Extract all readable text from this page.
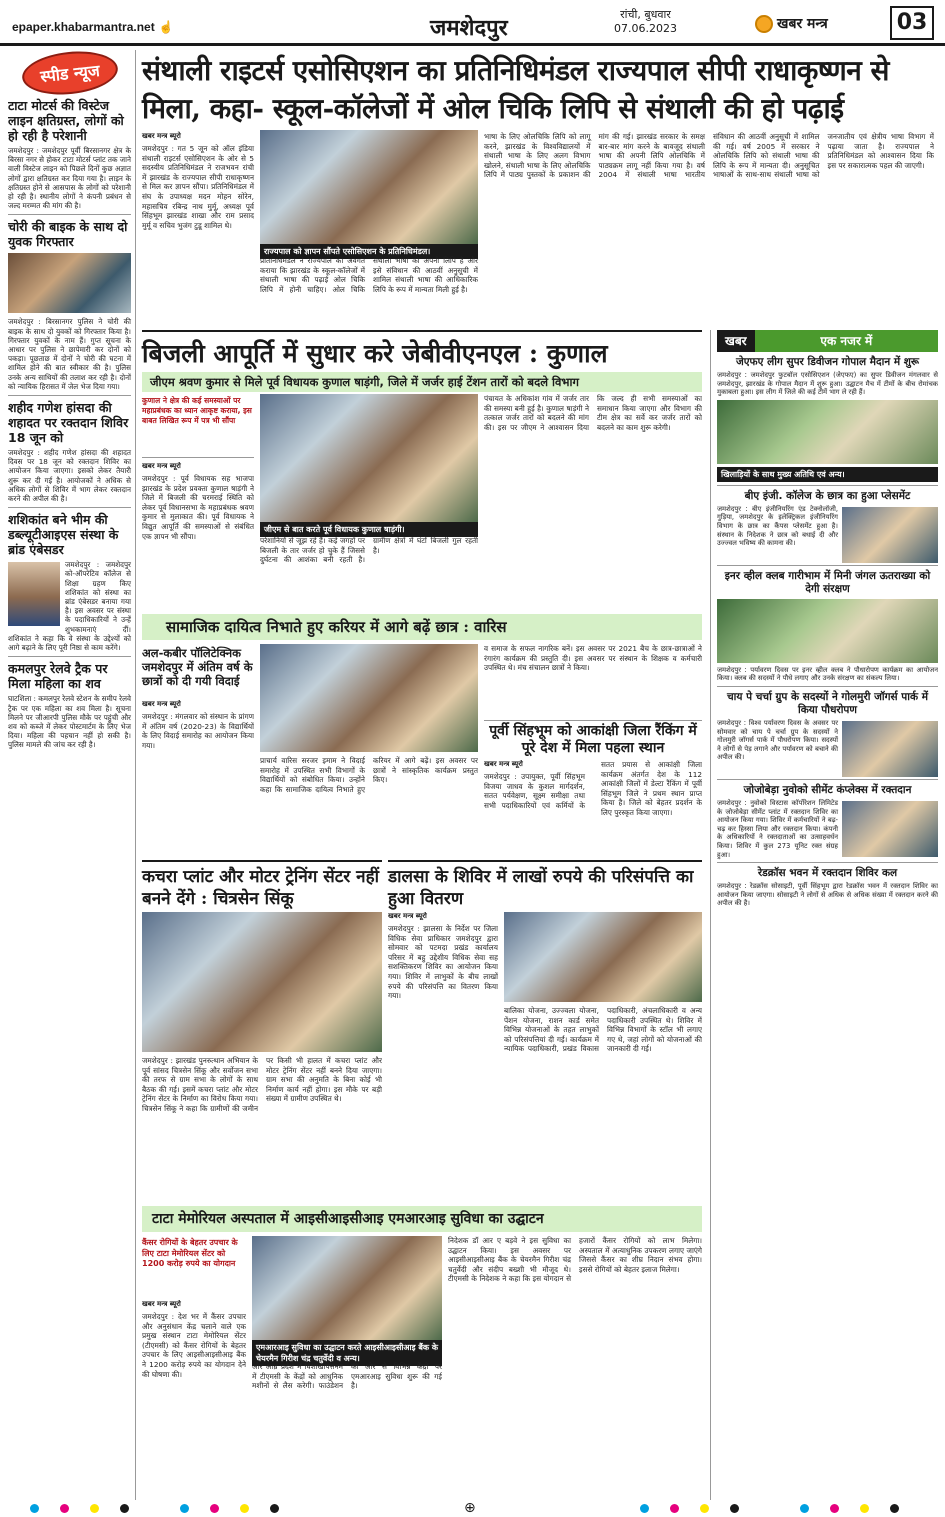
epaper.khabarmantra.net ☝	जमशेदपुर
रांची, बुधवार
07.06.2023	खबर मन्त्र	03
स्पीड न्यूज
टाटा मोटर्स की विस्टेज लाइन क्षतिग्रस्त, लोगों को हो रही है परेशानी
जमशेदपुर : जमशेदपुर पूर्वी बिरसानगर क्षेत्र के बिरसा नगर से होकर टाटा मोटर्स प्लांट तक जाने वाली विस्टेज लाइन को पिछले दिनों कुछ अज्ञात लोगों द्वारा क्षतिग्रस्त कर दिया गया है। लाइन के क्षतिग्रस्त होने से आसपास के लोगों को परेशानी हो रही है। स्थानीय लोगों ने कंपनी प्रबंधन से जल्द मरम्मत की मांग की है।
चोरी की बाइक के साथ दो युवक गिरफ्तार
जमशेदपुर : बिरसानगर पुलिस ने चोरी की बाइक के साथ दो युवकों को गिरफ्तार किया है। गिरफ्तार युवकों के नाम हैं। गुप्त सूचना के आधार पर पुलिस ने छापेमारी कर दोनों को पकड़ा। पूछताछ में दोनों ने चोरी की घटना में शामिल होने की बात स्वीकार की है। पुलिस उनके अन्य साथियों की तलाश कर रही है। दोनों को न्यायिक हिरासत में जेल भेज दिया गया।
शहीद गणेश हांसदा की शहादत पर रक्तदान शिविर 18 जून को
जमशेदपुर : शहीद गणेश हांसदा की शहादत दिवस पर 18 जून को रक्तदान शिविर का आयोजन किया जाएगा। इसको लेकर तैयारी शुरू कर दी गई है। आयोजकों ने अधिक से अधिक लोगों से शिविर में भाग लेकर रक्तदान करने की अपील की है।
शशिकांत बने भीम की डब्ल्यूटीआइएस संस्था के ब्रांड एंबेसडर
जमशेदपुर : जमशेदपुर को-ऑपरेटिव कॉलेज से शिक्षा ग्रहण किए शशिकांत को संस्था का ब्रांड एंबेसडर बनाया गया है। इस अवसर पर संस्था के पदाधिकारियों ने उन्हें शुभकामनाएं दीं। शशिकांत ने कहा कि वे संस्था के उद्देश्यों को आगे बढ़ाने के लिए पूरी निष्ठा से काम करेंगे।
कमलपुर रेलवे ट्रैक पर मिला महिला का शव
घाटशिला : कमलपुर रेलवे स्टेशन के समीप रेलवे ट्रैक पर एक महिला का शव मिला है। सूचना मिलने पर जीआरपी पुलिस मौके पर पहुंची और शव को कब्जे में लेकर पोस्टमार्टम के लिए भेज दिया। महिला की पहचान नहीं हो सकी है। पुलिस मामले की जांच कर रही है।
संथाली राइटर्स एसोसिएशन का प्रतिनिधिमंडल राज्यपाल सीपी राधाकृष्णन से मिला, कहा- स्कूल-कॉलेजों में ओल चिकि लिपि से संथाली की हो पढ़ाई
खबर मन्त्र ब्यूरो
जमशेदपुर : गत 5 जून को ऑल इंडिया संथाली राइटर्स एसोसिएशन के ओर से 5 सदस्यीय प्रतिनिधिमंडल ने राजभवन रांची में झारखंड के राज्यपाल सीपी राधाकृष्णन से मिल कर ज्ञापन सौंपा। प्रतिनिधिमंडल में संघ के उपाध्यक्ष मदन मोहन सोरेन, महासचिव रबिन्द्र नाथ मुर्मू, अध्यक्ष पूर्व सिंहभूम झारखंड शाखा और राम प्रसाद मुर्मू व सचिव भुजंग टुडू शामिल थे।
राज्यपाल को ज्ञापन सौंपते एसोसिएशन के प्रतिनिधिमंडल।
प्रतिनिधिमंडल ने राज्यपाल को अवगत कराया कि झारखंड के स्कूल-कॉलेजों में संथाली भाषा की पढ़ाई ओल चिकि लिपि में होनी चाहिए। ओल चिकि संथाली भाषा की अपनी लिपि है और इसे संविधान की आठवीं अनुसूची में शामिल संथाली भाषा की आधिकारिक लिपि के रूप में मान्यता मिली हुई है।
भाषा के लिए ओलचिकि लिपि को लागू करने, झारखंड के विश्वविद्यालयों में संथाली भाषा के लिए अलग विभाग खोलने, संथाली भाषा के लिए ओलचिकि लिपि में पाठ्य पुस्तकों के प्रकाशन की मांग की गई। झारखंड सरकार के समक्ष बार-बार मांग करने के बावजूद संथाली भाषा की अपनी लिपि ओलचिकि में पाठ्यक्रम लागू नहीं किया गया है। वर्ष 2004 में संथाली भाषा भारतीय संविधान की आठवीं अनुसूची में शामिल की गई। वर्ष 2005 में सरकार ने ओलचिकि लिपि को संथाली भाषा की लिपि के रूप में मान्यता दी। अनुसूचित भाषाओं के साथ-साथ संथाली भाषा को जनजातीय एवं क्षेत्रीय भाषा विभाग में पढ़ाया जाता है। राज्यपाल ने प्रतिनिधिमंडल को आश्वासन दिया कि इस पर सकारात्मक पहल की जाएगी।
बिजली आपूर्ति में सुधार करे जेबीवीएनएल : कुणाल
जीएम श्रवण कुमार से मिले पूर्व विधायक कुणाल षाड़ंगी, जिले में जर्जर हाई टेंशन तारों को बदले विभाग
कुणाल ने क्षेत्र की कई समस्याओं पर महाप्रबंधक का ध्यान आकृष्ट कराया, इस बाबत लिखित रूप में पत्र भी सौंपा
खबर मन्त्र ब्यूरो
जमशेदपुर : पूर्व विधायक सह भाजपा झारखंड के प्रदेश प्रवक्ता कुणाल षाड़ंगी ने जिले में बिजली की चरमराई स्थिति को लेकर पूर्व विधानसभा के महाप्रबंधक श्रवण कुमार से मुलाकात की। पूर्व विधायक ने विद्युत आपूर्ति की समस्याओं से संबंधित एक ज्ञापन भी सौंपा।
जीएम से बात करते पूर्व विधायक कुणाल षाड़ंगी।
परेशानियों से जूझ रहे हैं। कई जगहों पर बिजली के तार जर्जर हो चुके हैं जिससे दुर्घटना की आशंका बनी रहती है। ग्रामीण क्षेत्रों में घंटों बिजली गुल रहती है।
पंचायत के अधिकांश गांव में जर्जर तार की समस्या बनी हुई है। कुणाल षाड़ंगी ने तत्काल जर्जर तारों को बदलने की मांग की। इस पर जीएम ने आश्वासन दिया कि जल्द ही सभी समस्याओं का समाधान किया जाएगा और विभाग की टीम क्षेत्र का सर्वे कर जर्जर तारों को बदलने का काम शुरू करेगी।
सामाजिक दायित्व निभाते हुए करियर में आगे बढ़ें छात्र : वारिस
अल-कबीर पॉलिटेक्निक जमशेदपुर में अंतिम वर्ष के छात्रों को दी गयी विदाई
खबर मन्त्र ब्यूरो
जमशेदपुर : मंगलवार को संस्थान के प्रांगण में अंतिम वर्ष (2020-23) के विद्यार्थियों के लिए विदाई समारोह का आयोजन किया गया।
प्राचार्य वारिस सरजर इमाम ने विदाई समारोह में उपस्थित सभी विभागों के विद्यार्थियों को संबोधित किया। उन्होंने कहा कि सामाजिक दायित्व निभाते हुए करियर में आगे बढ़ें। इस अवसर पर छात्रों ने सांस्कृतिक कार्यक्रम प्रस्तुत किए।
व समाज के सफल नागरिक बनें। इस अवसर पर 2021 बैच के छात्र-छात्राओं ने रंगारंग कार्यक्रम की प्रस्तुति दी। इस अवसर पर संस्थान के शिक्षक व कर्मचारी उपस्थित थे। मंच संचालन छात्रों ने किया।
पूर्वी सिंहभूम को आकांक्षी जिला रैंकिंग में पूरे देश में मिला पहला स्थान
खबर मन्त्र ब्यूरो
जमशेदपुर : उपायुक्त, पूर्वी सिंहभूम विजया जाधव के कुशल मार्गदर्शन, सतत पर्यवेक्षण, सूक्ष्म समीक्षा तथा सभी पदाधिकारियों एवं कर्मियों के सतत प्रयास से आकांक्षी जिला कार्यक्रम अंतर्गत देश के 112 आकांक्षी जिलों में डेल्टा रैंकिंग में पूर्वी सिंहभूम जिले ने प्रथम स्थान प्राप्त किया है। जिले को बेहतर प्रदर्शन के लिए पुरस्कृत किया जाएगा।
कचरा प्लांट और मोटर ट्रेनिंग सेंटर नहीं बनने देंगे : चित्रसेन सिंकू
जमशेदपुर : झारखंड पुनरुत्थान अभियान के पूर्व सांसद चित्रसेन सिंकू और सर्वोजन सभा की तरफ से ग्राम सभा के लोगों के साथ बैठक की गई। इसमें कचरा प्लांट और मोटर ट्रेनिंग सेंटर के निर्माण का विरोध किया गया। चित्रसेन सिंकू ने कहा कि ग्रामीणों की जमीन पर किसी भी हालत में कचरा प्लांट और मोटर ट्रेनिंग सेंटर नहीं बनने दिया जाएगा। ग्राम सभा की अनुमति के बिना कोई भी निर्माण कार्य नहीं होगा। इस मौके पर बड़ी संख्या में ग्रामीण उपस्थित थे।
डालसा के शिविर में लाखों रुपये की परिसंपत्ति का हुआ वितरण
खबर मन्त्र ब्यूरो
जमशेदपुर : झालसा के निर्देश पर जिला विधिक सेवा प्राधिकार जमशेदपुर द्वारा सोमवार को पटमदा प्रखंड कार्यालय परिसर में बहु उद्देशीय विधिक सेवा सह सशक्तिकरण शिविर का आयोजन किया गया। शिविर में लाभुकों के बीच लाखों रुपये की परिसंपत्ति का वितरण किया गया।
बालिका योजना, उज्ज्वला योजना, पेंशन योजना, राशन कार्ड समेत विभिन्न योजनाओं के तहत लाभुकों को परिसंपत्तियां दी गईं। कार्यक्रम में न्यायिक पदाधिकारी, प्रखंड विकास पदाधिकारी, अंचलाधिकारी व अन्य पदाधिकारी उपस्थित थे। शिविर में विभिन्न विभागों के स्टॉल भी लगाए गए थे, जहां लोगों को योजनाओं की जानकारी दी गई।
टाटा मेमोरियल अस्पताल में आइसीआइसीआइ एमआरआइ सुविधा का उद्घाटन
कैंसर रोगियों के बेहतर उपचार के लिए टाटा मेमोरियल सेंटर को 1200 करोड़ रुपये का योगदान
एमआरआइ सुविधा का उद्घाटन करते आइसीआइसीआइ बैंक के चेयरमैन गिरीश चंद्र चतुर्वेदी व अन्य।
खबर मन्त्र ब्यूरो
जमशेदपुर : देश भर में कैंसर उपचार और अनुसंधान केंद्र चलाने वाले एक प्रमुख संस्थान टाटा मेमोरियल सेंटर (टीएमसी) को कैंसर रोगियों के बेहतर उपचार के लिए आइसीआइसीआइ बैंक ने 1200 करोड़ रुपये का योगदान देने की घोषणा की।
और आंध्र प्रदेश में विशाखापत्तनम में टीएमसी के केंद्रों को आधुनिक मशीनों से लैस करेगी। फाउंडेशन की ओर से विभिन्न केंद्रों पर एमआरआइ सुविधा शुरू की गई है।
निदेशक डॉ आर ए बड़वे ने इस सुविधा का उद्घाटन किया। इस अवसर पर आइसीआइसीआइ बैंक के चेयरमैन गिरीश चंद्र चतुर्वेदी और संदीप बख्शी भी मौजूद थे। टीएमसी के निदेशक ने कहा कि इस योगदान से हजारों कैंसर रोगियों को लाभ मिलेगा। अस्पताल में अत्याधुनिक उपकरण लगाए जाएंगे जिससे कैंसर का शीघ्र निदान संभव होगा। इससे रोगियों को बेहतर इलाज मिलेगा।
खबर	एक नजर में
जेएफए लीग सुपर डिवीजन गोपाल मैदान में शुरू
जमशेदपुर : जमशेदपुर फुटबॉल एसोसिएशन (जेएफए) का सुपर डिवीजन मंगलवार से जमशेदपुर, झारखंड के गोपाल मैदान में शुरू हुआ। उद्घाटन मैच में टीमों के बीच रोमांचक मुकाबला हुआ। इस लीग में जिले की कई टीमें भाग ले रही हैं।
खिलाड़ियों के साथ मुख्य अतिथि एवं अन्य।
बीए इंजी. कॉलेज के छात्र का हुआ प्लेसमेंट
जमशेदपुर : बीए इंजीनियरिंग एंड टेक्नोलॉजी, गुड़िया, जमशेदपुर के इलेक्ट्रिकल इंजीनियरिंग विभाग के छात्र का कैंपस प्लेसमेंट हुआ है। संस्थान के निदेशक ने छात्र को बधाई दी और उज्ज्वल भविष्य की कामना की।
इनर व्हील क्लब गारीभाम में मिनी जंगल ऊतराख्या को देगी संरक्षण
जमशेदपुर : पर्यावरण दिवस पर इनर व्हील क्लब ने पौधारोपण कार्यक्रम का आयोजन किया। क्लब की सदस्यों ने पौधे लगाए और उनके संरक्षण का संकल्प लिया।
चाय पे चर्चा ग्रुप के सदस्यों ने गोलमुरी जॉगर्स पार्क में किया पौधरोपण
जमशेदपुर : विश्व पर्यावरण दिवस के अवसर पर सोमवार को चाय पे चर्चा ग्रुप के सदस्यों ने गोलमुरी जॉगर्स पार्क में पौधरोपण किया। सदस्यों ने लोगों से पेड़ लगाने और पर्यावरण को बचाने की अपील की।
जोजोबेड़ा नुवोको सीमेंट कंप्लेक्स में रक्तदान
जमशेदपुर : नुवोको विस्टास कॉर्पोरेशन लिमिटेड के जोजोबेड़ा सीमेंट प्लांट में रक्तदान शिविर का आयोजन किया गया। शिविर में कर्मचारियों ने बढ़-चढ़ कर हिस्सा लिया और रक्तदान किया। कंपनी के अधिकारियों ने रक्तदाताओं का उत्साहवर्धन किया। शिविर में कुल 273 यूनिट रक्त संग्रह हुआ।
रेडक्रॉस भवन में रक्तदान शिविर कल
जमशेदपुर : रेडक्रॉस सोसाइटी, पूर्वी सिंहभूम द्वारा रेडक्रॉस भवन में रक्तदान शिविर का आयोजन किया जाएगा। सोसाइटी ने लोगों से अधिक से अधिक संख्या में रक्तदान करने की अपील की है।
⊕
